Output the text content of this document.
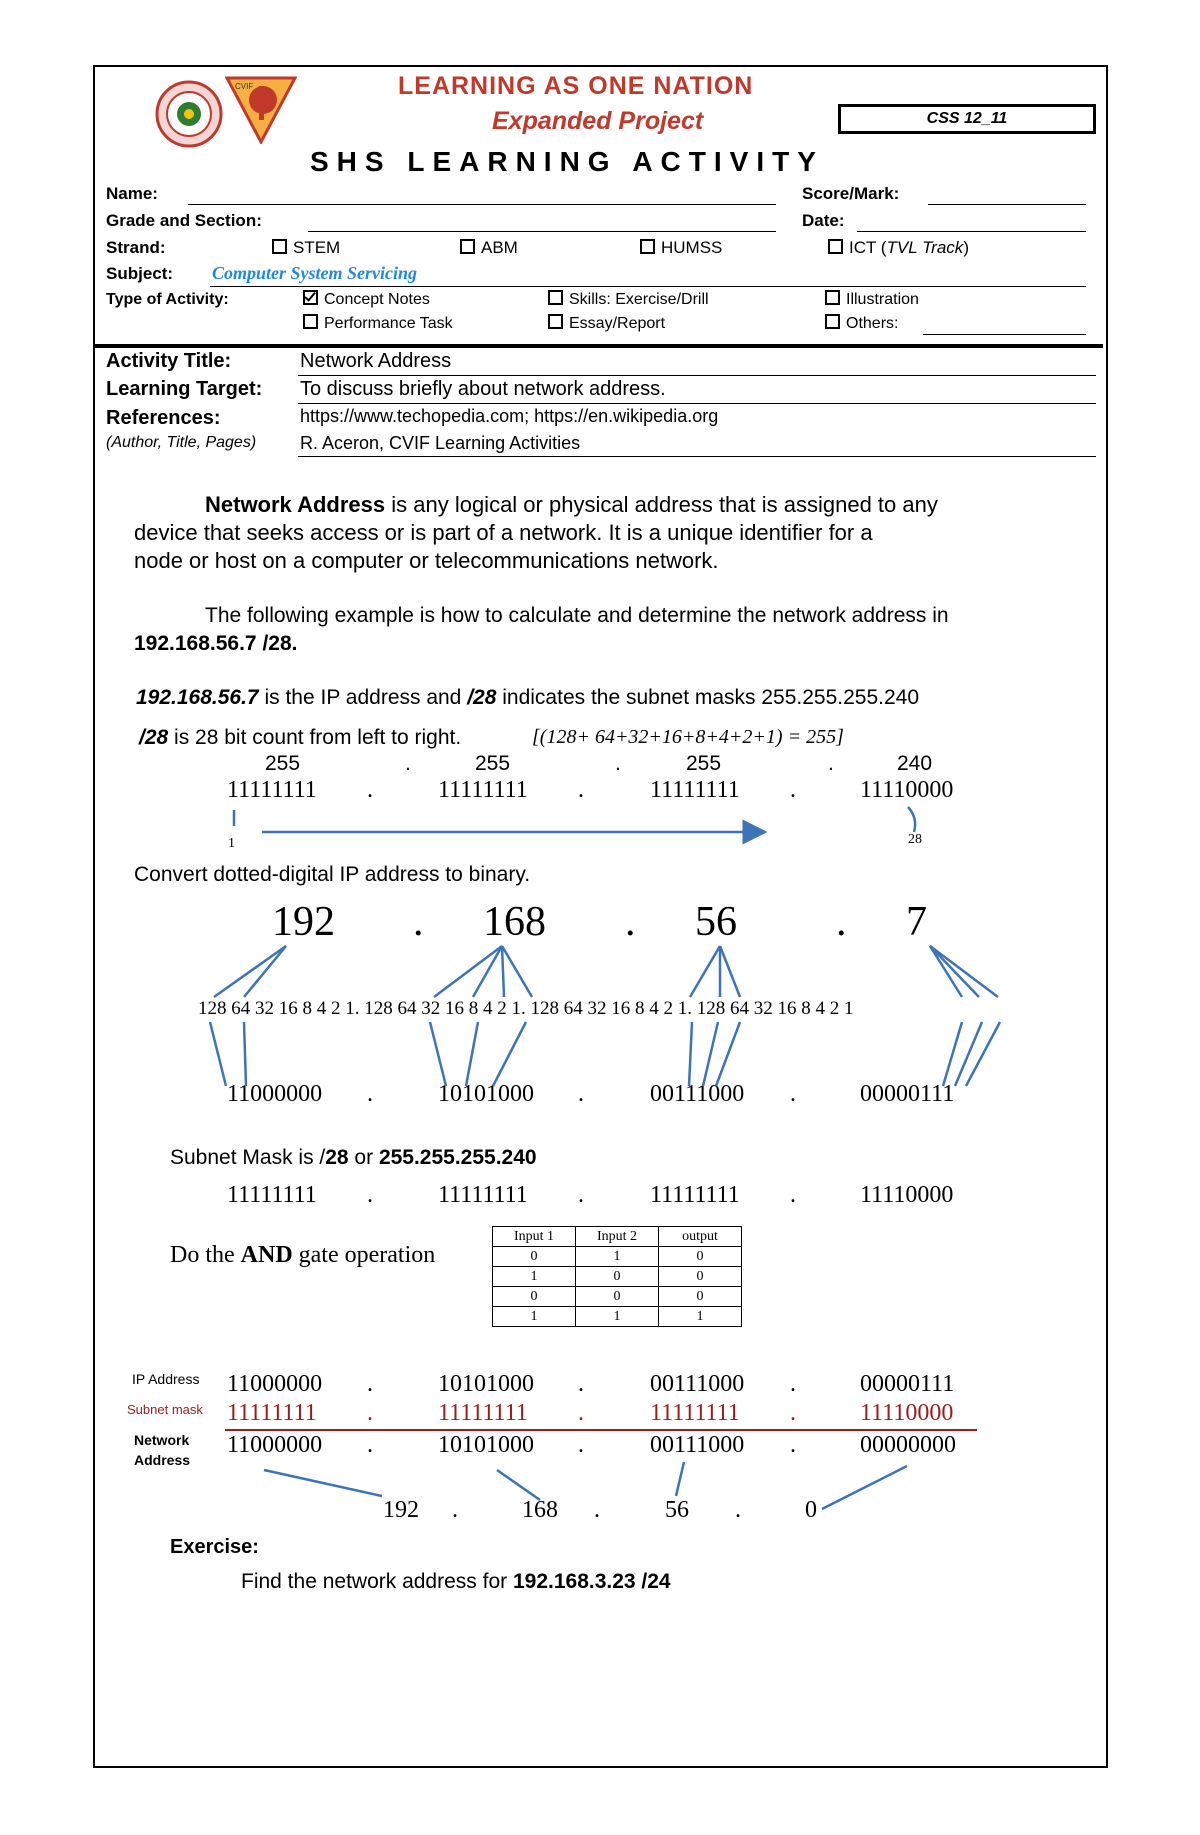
CVIF	LEARNING AS ONE NATION
Expanded Project	CSS 12_11
SHS LEARNING ACTIVITY
Name:	Score/Mark:
Grade and Section:	Date:
Strand:	STEM	ABM	HUMSS	ICT (TVL Track)
Subject: Computer System Servicing
Type of Activity:	Concept Notes	Skills: Exercise/Drill	Illustration
Performance Task	Essay/Report	Others:
Activity Title:	Network Address
Learning Target: To discuss briefly about network address.
References:	https://www.techopedia.com; https://en.wikipedia.org
(Author, Title, Pages) R. Aceron, CVIF Learning Activities
Network Address is any logical or physical address that is assigned to any
device that seeks access or is part of a network. It is a unique identifier for a
node or host on a computer or telecommunications network.
The following example is how to calculate and determine the network address in
192.168.56.7 /28.
192.168.56.7 is the IP address and /28 indicates the subnet masks 255.255.255.240
/28 is 28 bit count from left to right.	[(128+ 64+32+16+8+4+2+1) = 255]
255	.	255	.	255	.	240
11111111 .	11111111 .	11111111 .	11110000
1	28
Convert dotted-digital IP address to binary.
192 . 168 . 56 . 7
128 64 32 16 8 4 2 1. 128 64 32 16 8 4 2 1. 128 64 32 16 8 4 2 1. 128 64 32 16 8 4 2 1
11000000 .	10101000 .	00111000 .	00000111
Subnet Mask is /28 or 255.255.255.240
11111111 .	11111111 .	11111111 .	11110000
Do the AND gate operation
Input 1	Input 2	output
0	1	0
1	0	0
0	0	0
1	1	1
IP Address 11000000 .	10101000 .	00111000 .	00000111
Subnet mask 11111111 .	11111111 .	11111111 .	11110000
Network
Address
11000000 .	10101000 .	00111000 .	00000000
192 .	168 .	56 .	0
Exercise:
Find the network address for 192.168.3.23 /24
